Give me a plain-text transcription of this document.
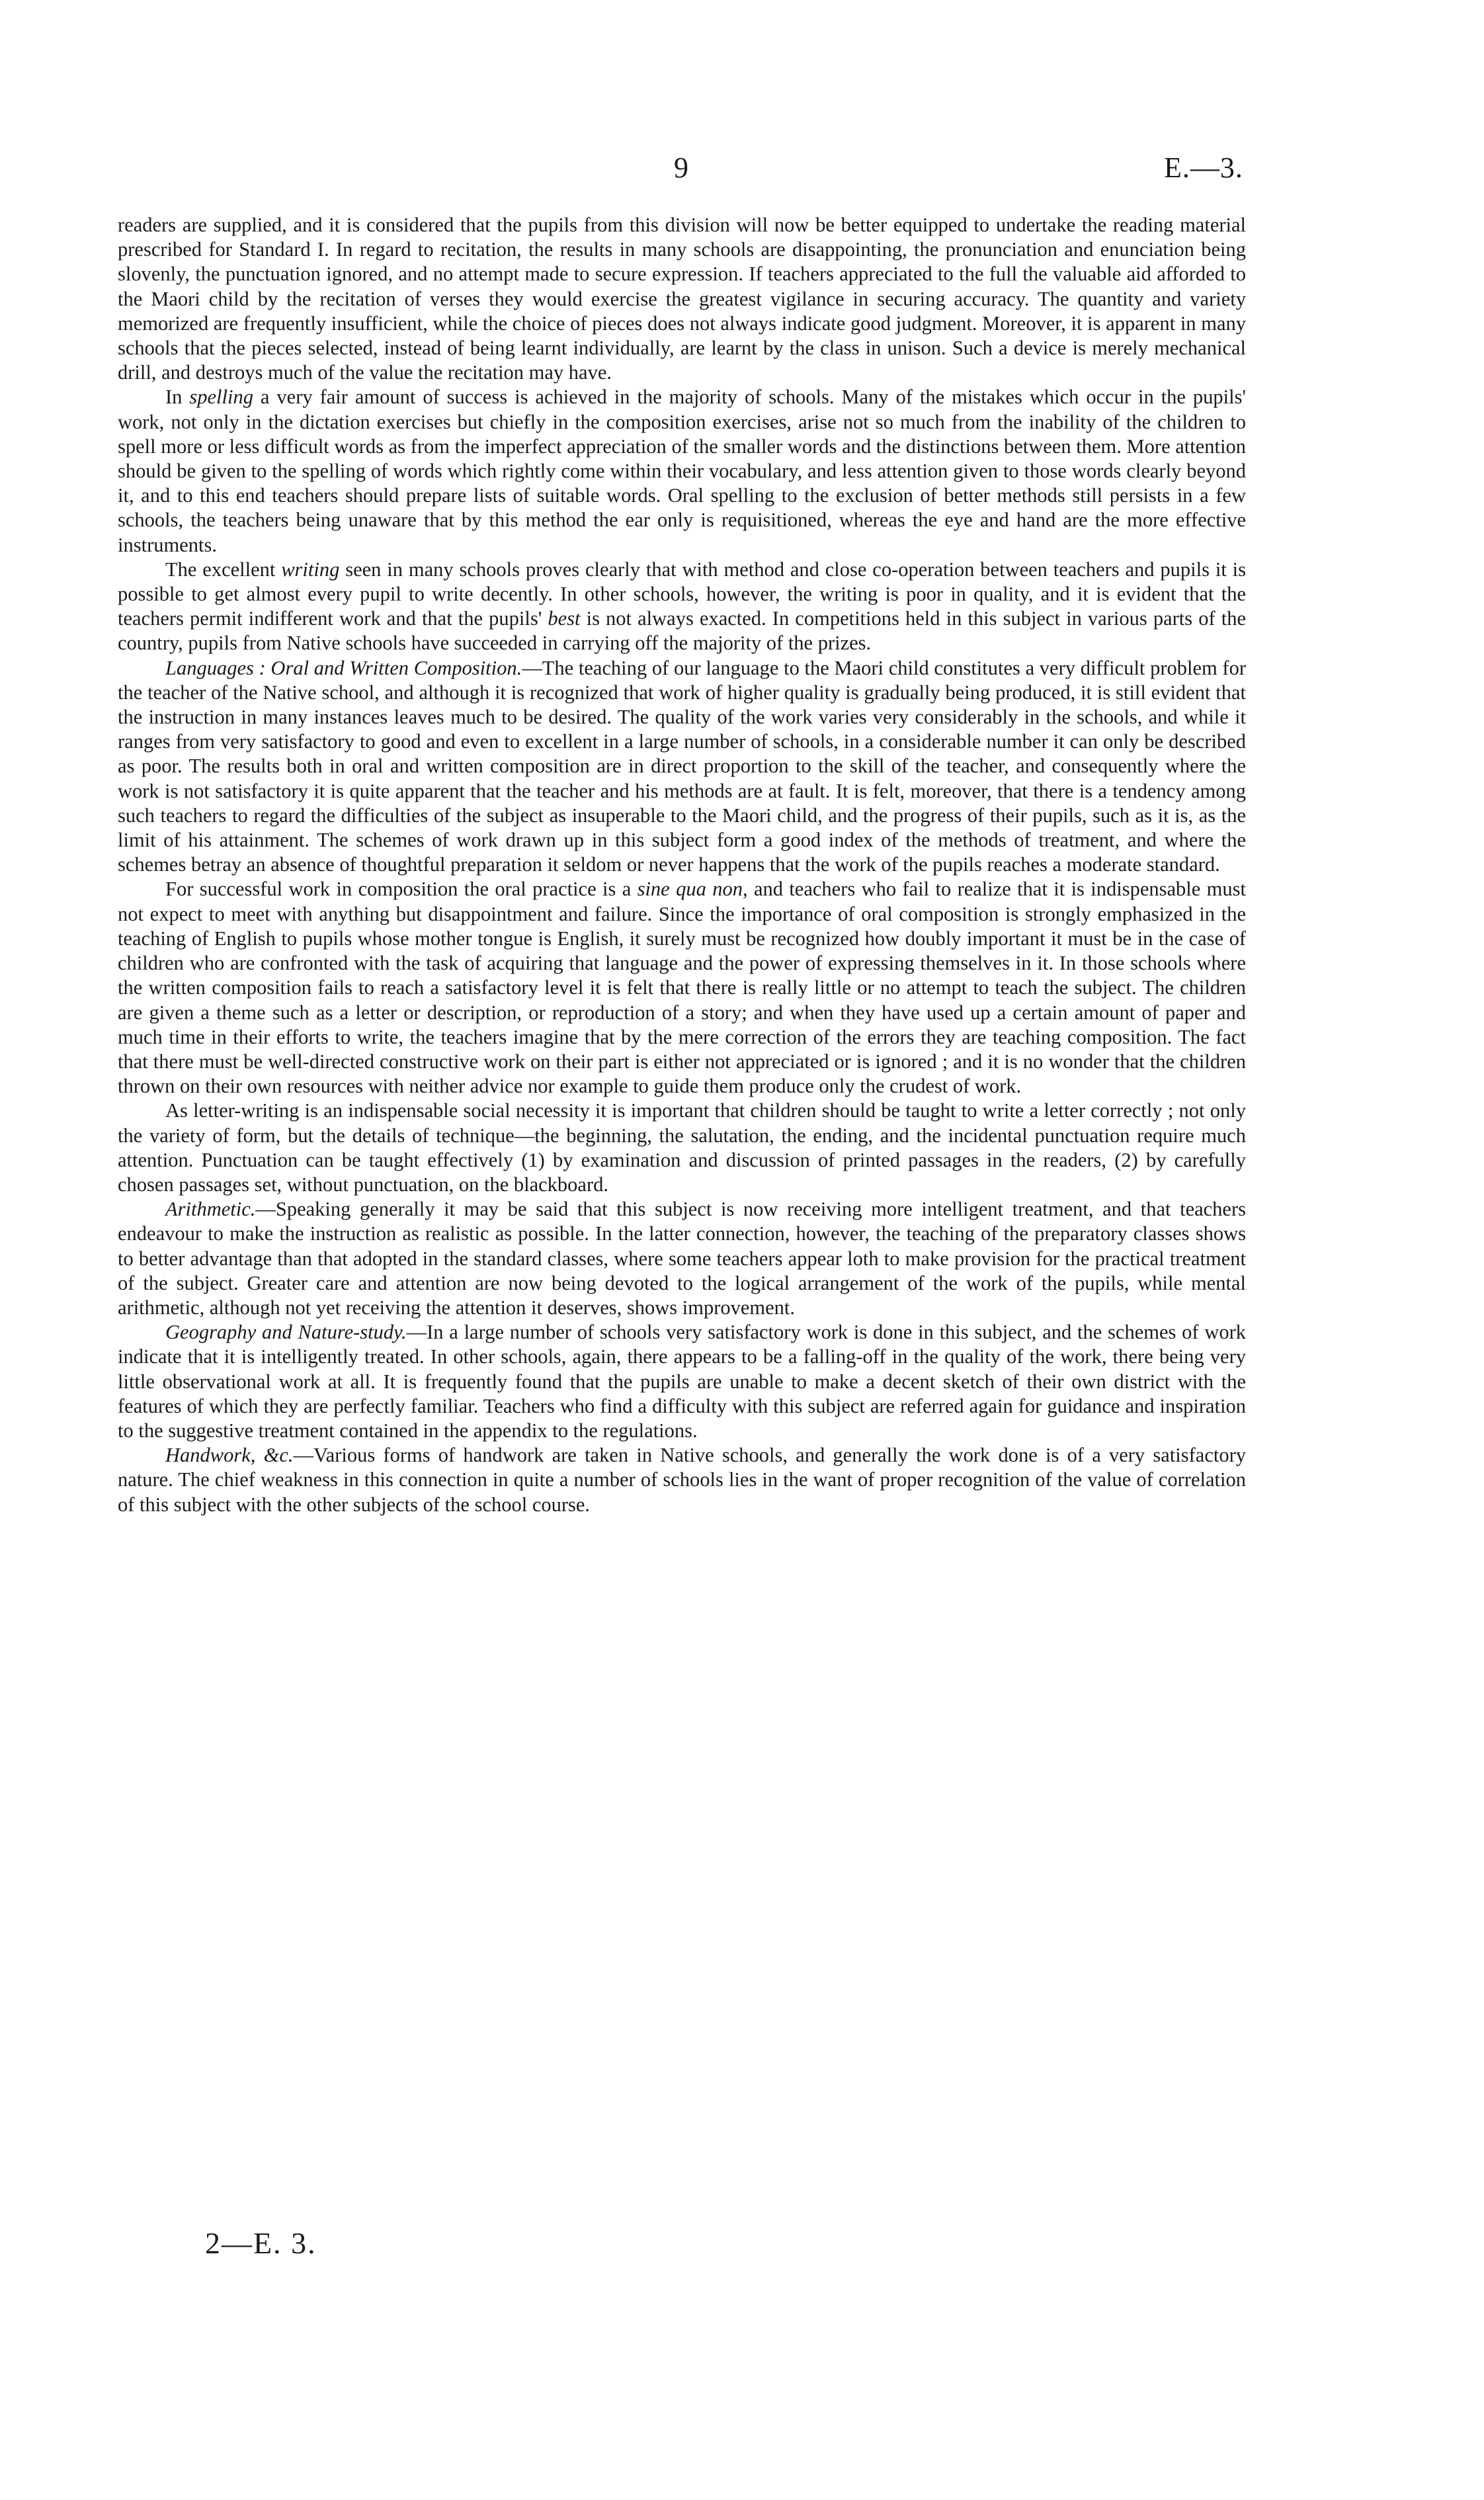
9	E.—3.

readers are supplied, and it is considered that the pupils from this division will now be better equipped to undertake the reading material prescribed for Standard I. In regard to recitation, the results in many schools are disappointing, the pronunciation and enunciation being slovenly, the punctuation ignored, and no attempt made to secure expression. If teachers appreciated to the full the valuable aid afforded to the Maori child by the recitation of verses they would exercise the greatest vigilance in securing accuracy. The quantity and variety memorized are frequently insufficient, while the choice of pieces does not always indicate good judgment. Moreover, it is apparent in many schools that the pieces selected, instead of being learnt individually, are learnt by the class in unison. Such a device is merely mechanical drill, and destroys much of the value the recitation may have.

In spelling a very fair amount of success is achieved in the majority of schools. Many of the mistakes which occur in the pupils' work, not only in the dictation exercises but chiefly in the composition exercises, arise not so much from the inability of the children to spell more or less difficult words as from the imperfect appreciation of the smaller words and the distinctions between them. More attention should be given to the spelling of words which rightly come within their vocabulary, and less attention given to those words clearly beyond it, and to this end teachers should prepare lists of suitable words. Oral spelling to the exclusion of better methods still persists in a few schools, the teachers being unaware that by this method the ear only is requisitioned, whereas the eye and hand are the more effective instruments.

The excellent writing seen in many schools proves clearly that with method and close co-operation between teachers and pupils it is possible to get almost every pupil to write decently. In other schools, however, the writing is poor in quality, and it is evident that the teachers permit indifferent work and that the pupils' best is not always exacted. In competitions held in this subject in various parts of the country, pupils from Native schools have succeeded in carrying off the majority of the prizes.

Languages : Oral and Written Composition.—The teaching of our language to the Maori child constitutes a very difficult problem for the teacher of the Native school, and although it is recognized that work of higher quality is gradually being produced, it is still evident that the instruction in many instances leaves much to be desired. The quality of the work varies very considerably in the schools, and while it ranges from very satisfactory to good and even to excellent in a large number of schools, in a considerable number it can only be described as poor. The results both in oral and written composition are in direct proportion to the skill of the teacher, and consequently where the work is not satisfactory it is quite apparent that the teacher and his methods are at fault. It is felt, moreover, that there is a tendency among such teachers to regard the difficulties of the subject as insuperable to the Maori child, and the progress of their pupils, such as it is, as the limit of his attainment. The schemes of work drawn up in this subject form a good index of the methods of treatment, and where the schemes betray an absence of thoughtful preparation it seldom or never happens that the work of the pupils reaches a moderate standard.

For successful work in composition the oral practice is a sine qua non, and teachers who fail to realize that it is indispensable must not expect to meet with anything but disappointment and failure. Since the importance of oral composition is strongly emphasized in the teaching of English to pupils whose mother tongue is English, it surely must be recognized how doubly important it must be in the case of children who are confronted with the task of acquiring that language and the power of expressing themselves in it. In those schools where the written composition fails to reach a satisfactory level it is felt that there is really little or no attempt to teach the subject. The children are given a theme such as a letter or description, or reproduction of a story; and when they have used up a certain amount of paper and much time in their efforts to write, the teachers imagine that by the mere correction of the errors they are teaching composition. The fact that there must be well-directed constructive work on their part is either not appreciated or is ignored ; and it is no wonder that the children thrown on their own resources with neither advice nor example to guide them produce only the crudest of work.

As letter-writing is an indispensable social necessity it is important that children should be taught to write a letter correctly ; not only the variety of form, but the details of technique—the beginning, the salutation, the ending, and the incidental punctuation require much attention. Punctuation can be taught effectively (1) by examination and discussion of printed passages in the readers, (2) by carefully chosen passages set, without punctuation, on the blackboard.

Arithmetic.—Speaking generally it may be said that this subject is now receiving more intelligent treatment, and that teachers endeavour to make the instruction as realistic as possible. In the latter connection, however, the teaching of the preparatory classes shows to better advantage than that adopted in the standard classes, where some teachers appear loth to make provision for the practical treatment of the subject. Greater care and attention are now being devoted to the logical arrangement of the work of the pupils, while mental arithmetic, although not yet receiving the attention it deserves, shows improvement.

Geography and Nature-study.—In a large number of schools very satisfactory work is done in this subject, and the schemes of work indicate that it is intelligently treated. In other schools, again, there appears to be a falling-off in the quality of the work, there being very little observational work at all. It is frequently found that the pupils are unable to make a decent sketch of their own district with the features of which they are perfectly familiar. Teachers who find a difficulty with this subject are referred again for guidance and inspiration to the suggestive treatment contained in the appendix to the regulations.

Handwork, &c.—Various forms of handwork are taken in Native schools, and generally the work done is of a very satisfactory nature. The chief weakness in this connection in quite a number of schools lies in the want of proper recognition of the value of correlation of this subject with the other subjects of the school course.

2—E. 3.
